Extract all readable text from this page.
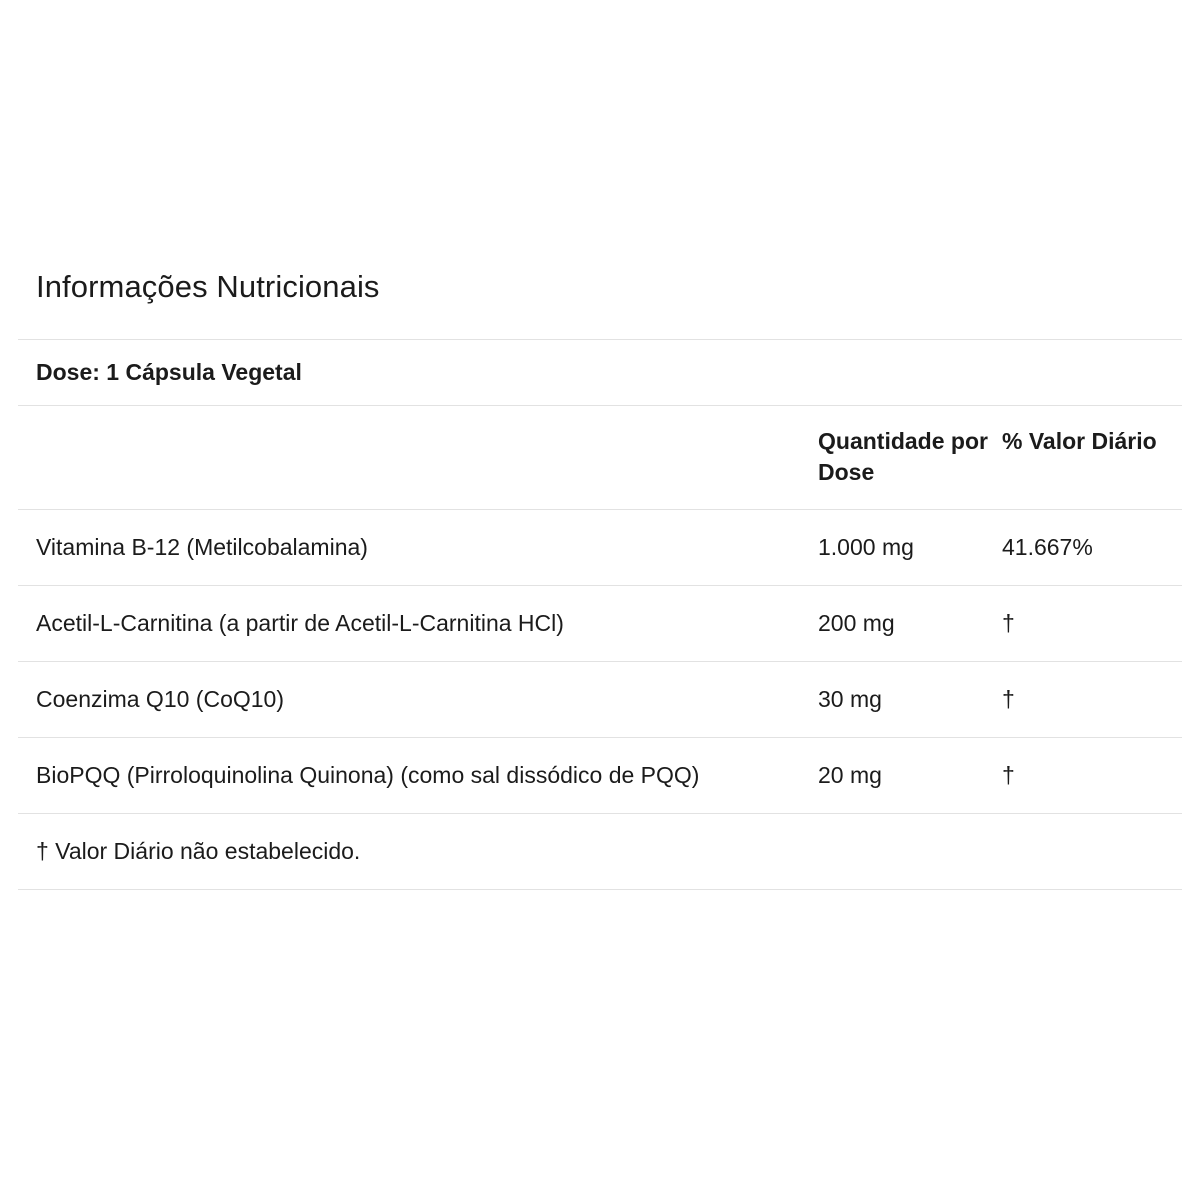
Informações Nutricionais
Dose: 1 Cápsula Vegetal
	Quantidade por Dose	% Valor Diário
Vitamina B-12 (Metilcobalamina)	1.000 mg	41.667%
Acetil-L-Carnitina (a partir de Acetil-L-Carnitina HCl)	200 mg	†
Coenzima Q10 (CoQ10)	30 mg	†
BioPQQ (Pirroloquinolina Quinona) (como sal dissódico de PQQ)	20 mg	†
† Valor Diário não estabelecido.
